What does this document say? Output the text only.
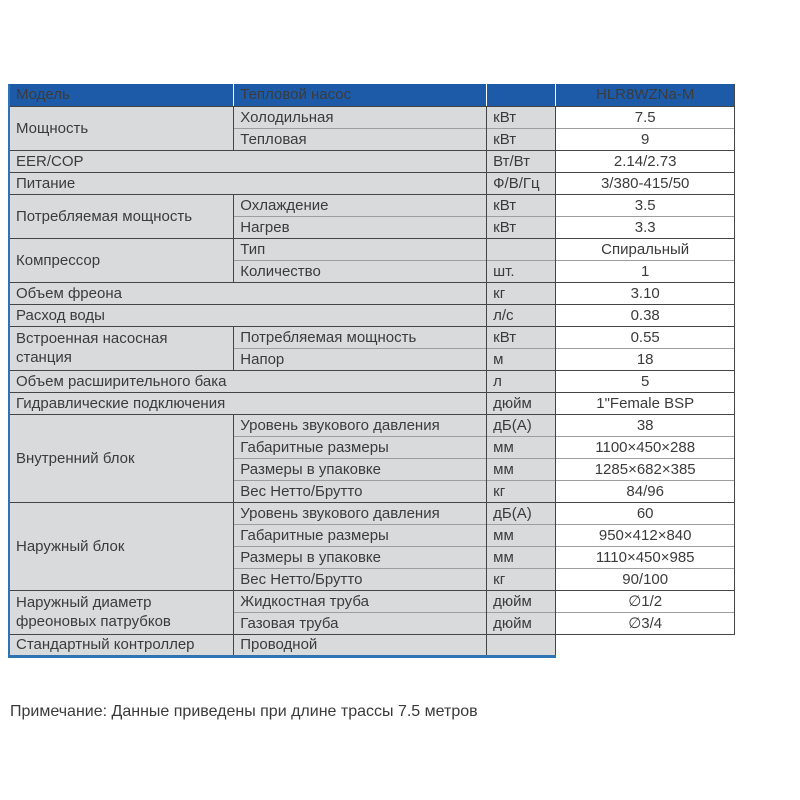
Модель	Тепловой насос		HLR8WZNa-M
Мощность	Холодильная	кВт	7.5
	Тепловая	кВт	9
EER/COP		Вт/Вт	2.14/2.73
Питание		Ф/В/Гц	3/380-415/50
Потребляемая мощность	Охлаждение	кВт	3.5
	Нагрев	кВт	3.3
Компрессор	Тип		Спиральный
	Количество	шт.	1
Объем фреона		кг	3.10
Расход воды		л/с	0.38
Встроенная насосная станция	Потребляемая мощность	кВт	0.55
	Напор	м	18
Объем расширительного бака		л	5
Гидравлические подключения		дюйм	1"Female BSP
Внутренний блок	Уровень звукового давления	дБ(А)	38
	Габаритные размеры	мм	1100×450×288
	Размеры в упаковке	мм	1285×682×385
	Вес Нетто/Брутто	кг	84/96
Наружный блок	Уровень звукового давления	дБ(А)	60
	Габаритные размеры	мм	950×412×840
	Размеры в упаковке	мм	1110×450×985
	Вес Нетто/Брутто	кг	90/100
Наружный диаметр фреоновых патрубков	Жидкостная труба	дюйм	∅1/2
	Газовая труба	дюйм	∅3/4
Стандартный контроллер	Проводной		
Примечание: Данные приведены при длине трассы 7.5 метров
